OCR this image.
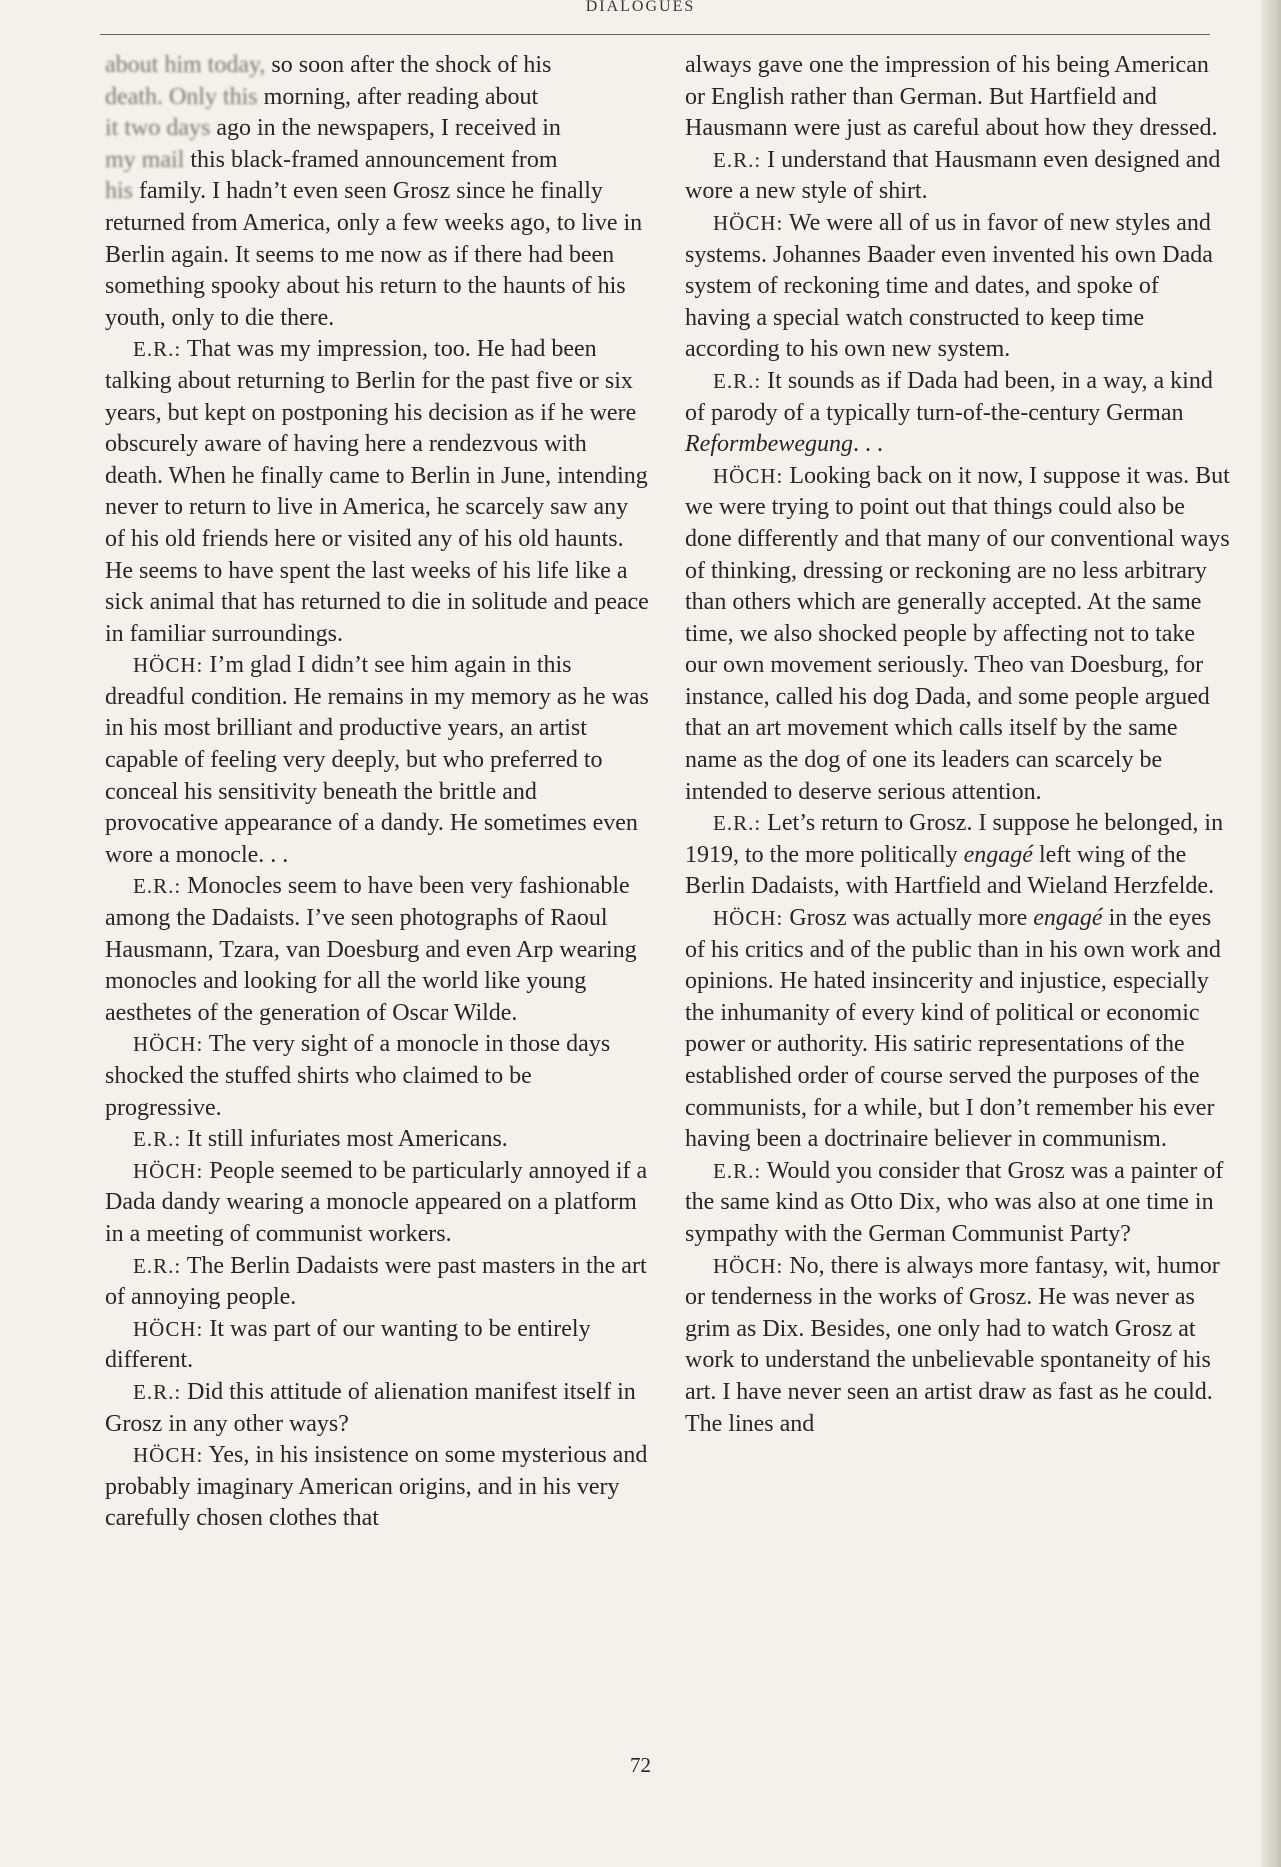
DIALOGUES

about him today, so soon after the shock of his
death. Only this morning, after reading about
it two days ago in the newspapers, I received in
my mail this black-framed announcement from
his family. I hadn’t even seen Grosz since he finally returned from America, only a few weeks ago, to live in Berlin again. It seems to me now as if there had been something spooky about his return to the haunts of his youth, only to die there.

E.R.: That was my impression, too. He had been talking about returning to Berlin for the past five or six years, but kept on postponing his decision as if he were obscurely aware of having here a rendezvous with death. When he finally came to Berlin in June, intending never to return to live in America, he scarcely saw any of his old friends here or visited any of his old haunts. He seems to have spent the last weeks of his life like a sick animal that has returned to die in solitude and peace in familiar surroundings.

HÖCH: I’m glad I didn’t see him again in this dreadful condition. He remains in my memory as he was in his most brilliant and productive years, an artist capable of feeling very deeply, but who preferred to conceal his sensitivity beneath the brittle and provocative appearance of a dandy. He sometimes even wore a monocle. . .

E.R.: Monocles seem to have been very fashionable among the Dadaists. I’ve seen photographs of Raoul Hausmann, Tzara, van Doesburg and even Arp wearing monocles and looking for all the world like young aesthetes of the generation of Oscar Wilde.

HÖCH: The very sight of a monocle in those days shocked the stuffed shirts who claimed to be progressive.

E.R.: It still infuriates most Americans.

HÖCH: People seemed to be particularly annoyed if a Dada dandy wearing a monocle appeared on a platform in a meeting of communist workers.

E.R.: The Berlin Dadaists were past masters in the art of annoying people.

HÖCH: It was part of our wanting to be entirely different.

E.R.: Did this attitude of alienation manifest itself in Grosz in any other ways?

HÖCH: Yes, in his insistence on some mysterious and probably imaginary American origins, and in his very carefully chosen clothes that

always gave one the impression of his being American or English rather than German. But Hartfield and Hausmann were just as careful about how they dressed.

E.R.: I understand that Hausmann even designed and wore a new style of shirt.

HÖCH: We were all of us in favor of new styles and systems. Johannes Baader even invented his own Dada system of reckoning time and dates, and spoke of having a special watch constructed to keep time according to his own new system.

E.R.: It sounds as if Dada had been, in a way, a kind of parody of a typically turn-of-the-century German Reformbewegung. . .

HÖCH: Looking back on it now, I suppose it was. But we were trying to point out that things could also be done differently and that many of our conventional ways of thinking, dressing or reckoning are no less arbitrary than others which are generally accepted. At the same time, we also shocked people by affecting not to take our own movement seriously. Theo van Doesburg, for instance, called his dog Dada, and some people argued that an art movement which calls itself by the same name as the dog of one its leaders can scarcely be intended to deserve serious attention.

E.R.: Let’s return to Grosz. I suppose he belonged, in 1919, to the more politically engagé left wing of the Berlin Dadaists, with Hartfield and Wieland Herzfelde.

HÖCH: Grosz was actually more engagé in the eyes of his critics and of the public than in his own work and opinions. He hated insincerity and injustice, especially the inhumanity of every kind of political or economic power or authority. His satiric representations of the established order of course served the purposes of the communists, for a while, but I don’t remember his ever having been a doctrinaire believer in communism.

E.R.: Would you consider that Grosz was a painter of the same kind as Otto Dix, who was also at one time in sympathy with the German Communist Party?

HÖCH: No, there is always more fantasy, wit, humor or tenderness in the works of Grosz. He was never as grim as Dix. Besides, one only had to watch Grosz at work to understand the unbelievable spontaneity of his art. I have never seen an artist draw as fast as he could. The lines and

72
